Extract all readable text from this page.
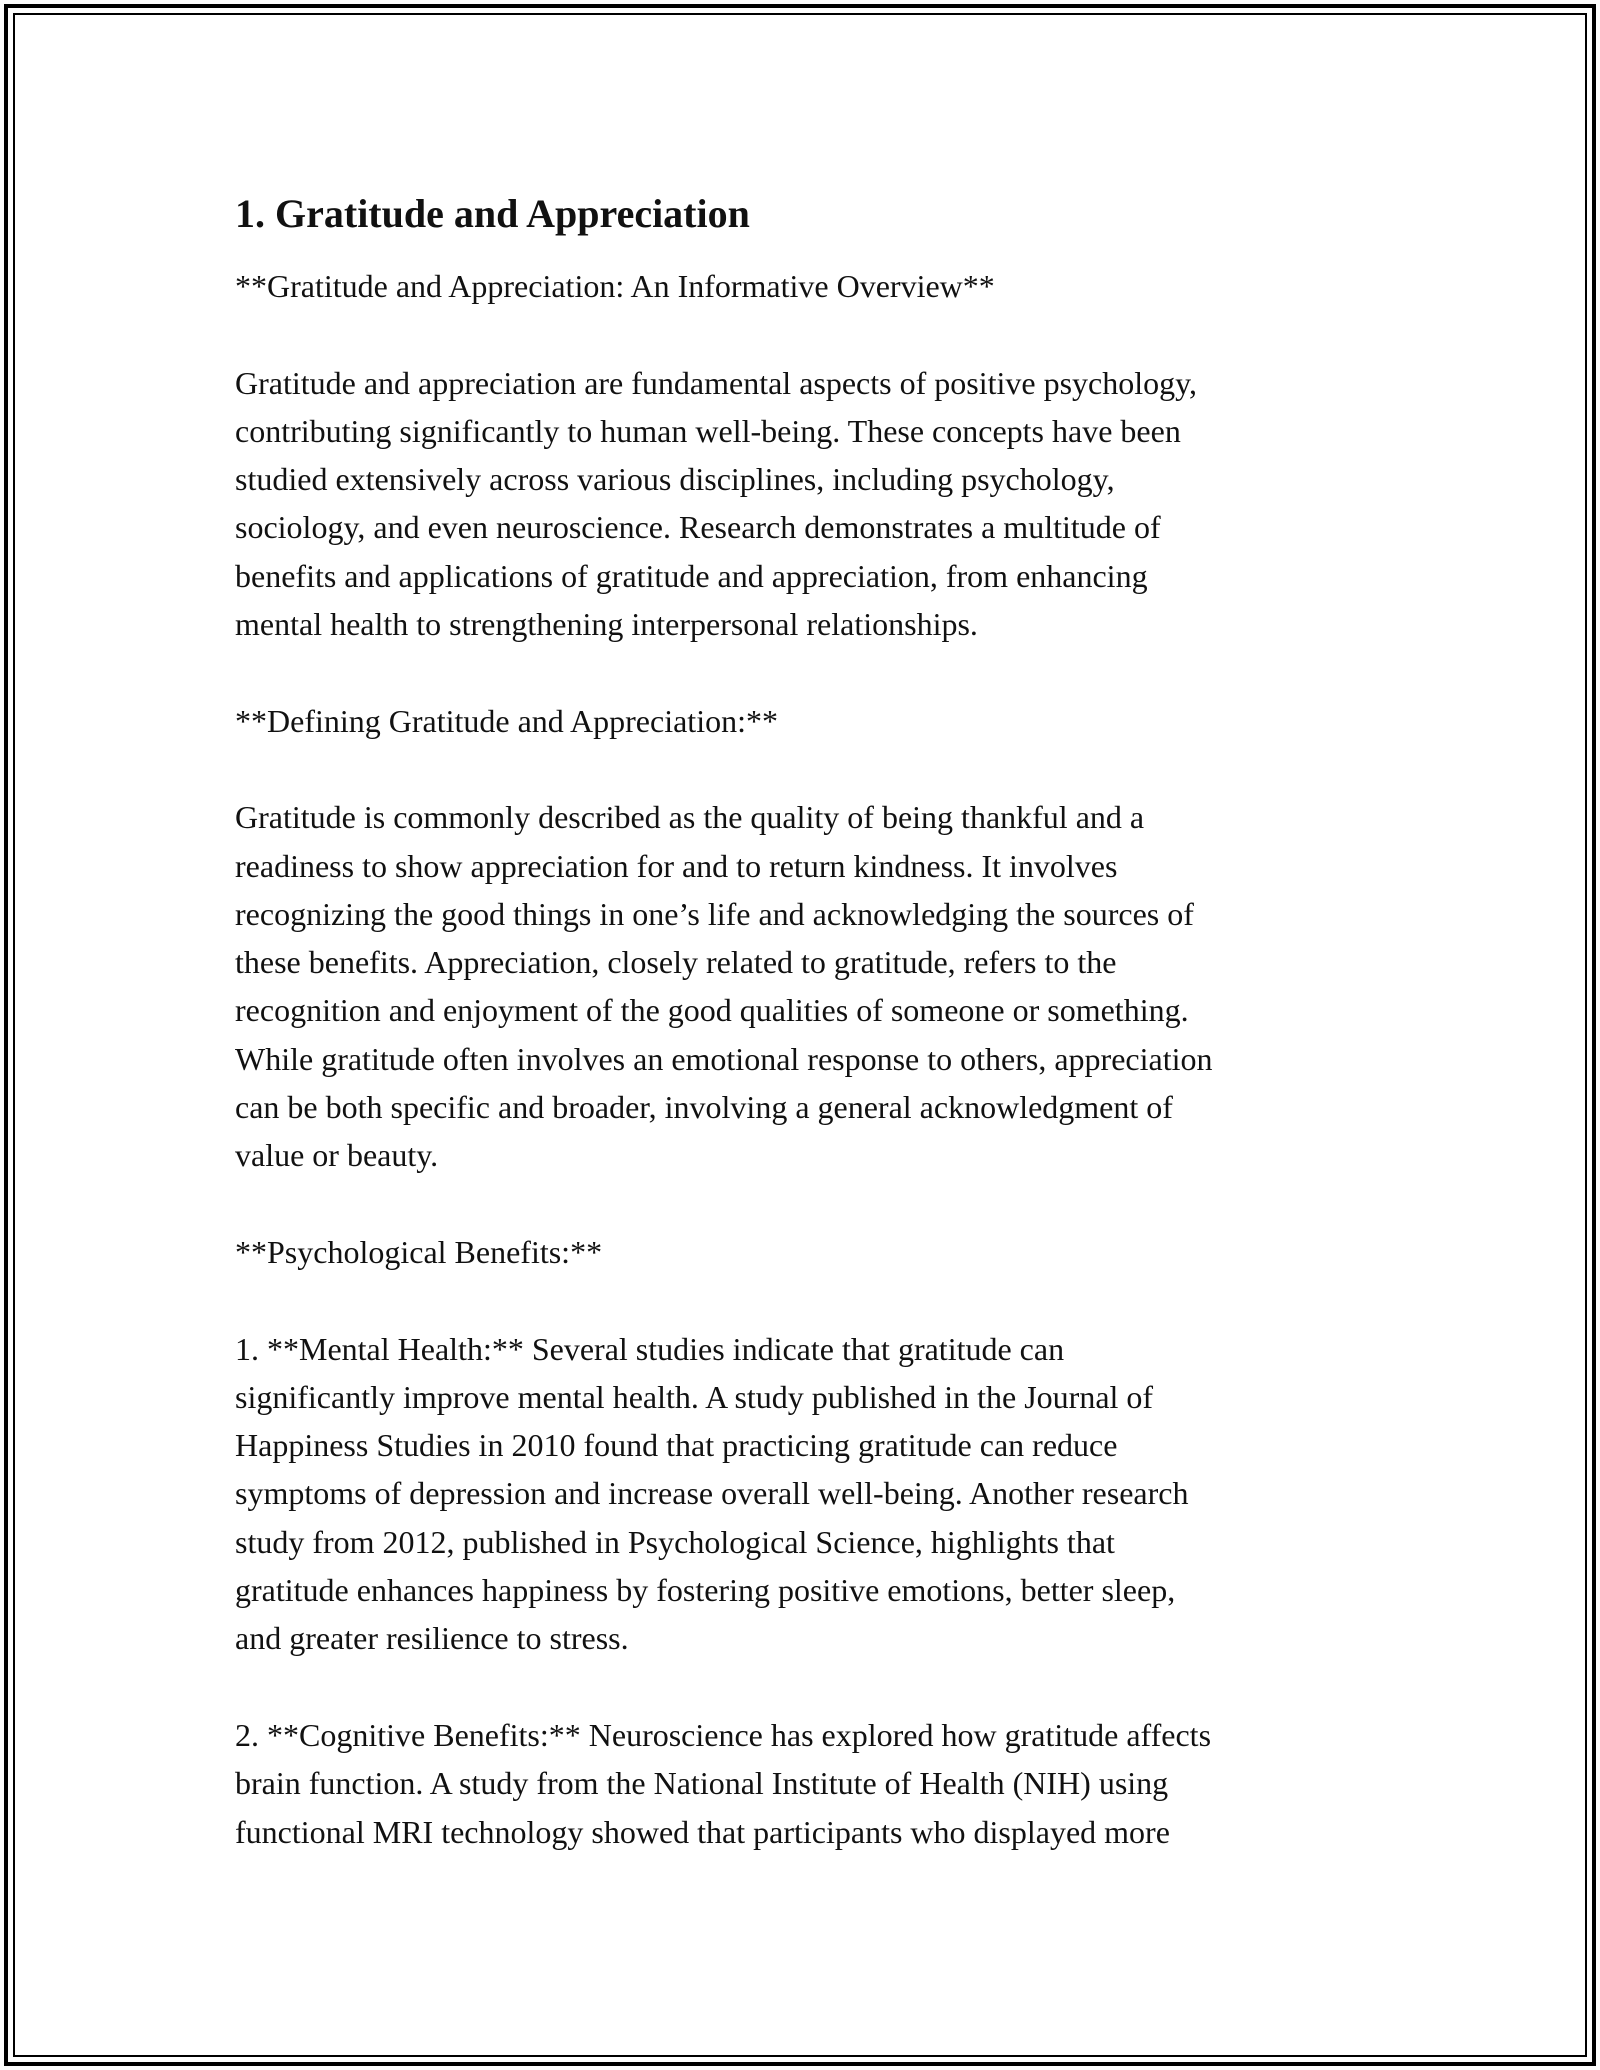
1. Gratitude and Appreciation

**Gratitude and Appreciation: An Informative Overview**

Gratitude and appreciation are fundamental aspects of positive psychology,
contributing significantly to human well-being. These concepts have been
studied extensively across various disciplines, including psychology,
sociology, and even neuroscience. Research demonstrates a multitude of
benefits and applications of gratitude and appreciation, from enhancing
mental health to strengthening interpersonal relationships.

**Defining Gratitude and Appreciation:**

Gratitude is commonly described as the quality of being thankful and a
readiness to show appreciation for and to return kindness. It involves
recognizing the good things in one’s life and acknowledging the sources of
these benefits. Appreciation, closely related to gratitude, refers to the
recognition and enjoyment of the good qualities of someone or something.
While gratitude often involves an emotional response to others, appreciation
can be both specific and broader, involving a general acknowledgment of
value or beauty.

**Psychological Benefits:**

1. **Mental Health:** Several studies indicate that gratitude can
significantly improve mental health. A study published in the Journal of
Happiness Studies in 2010 found that practicing gratitude can reduce
symptoms of depression and increase overall well-being. Another research
study from 2012, published in Psychological Science, highlights that
gratitude enhances happiness by fostering positive emotions, better sleep,
and greater resilience to stress.

2. **Cognitive Benefits:** Neuroscience has explored how gratitude affects
brain function. A study from the National Institute of Health (NIH) using
functional MRI technology showed that participants who displayed more
